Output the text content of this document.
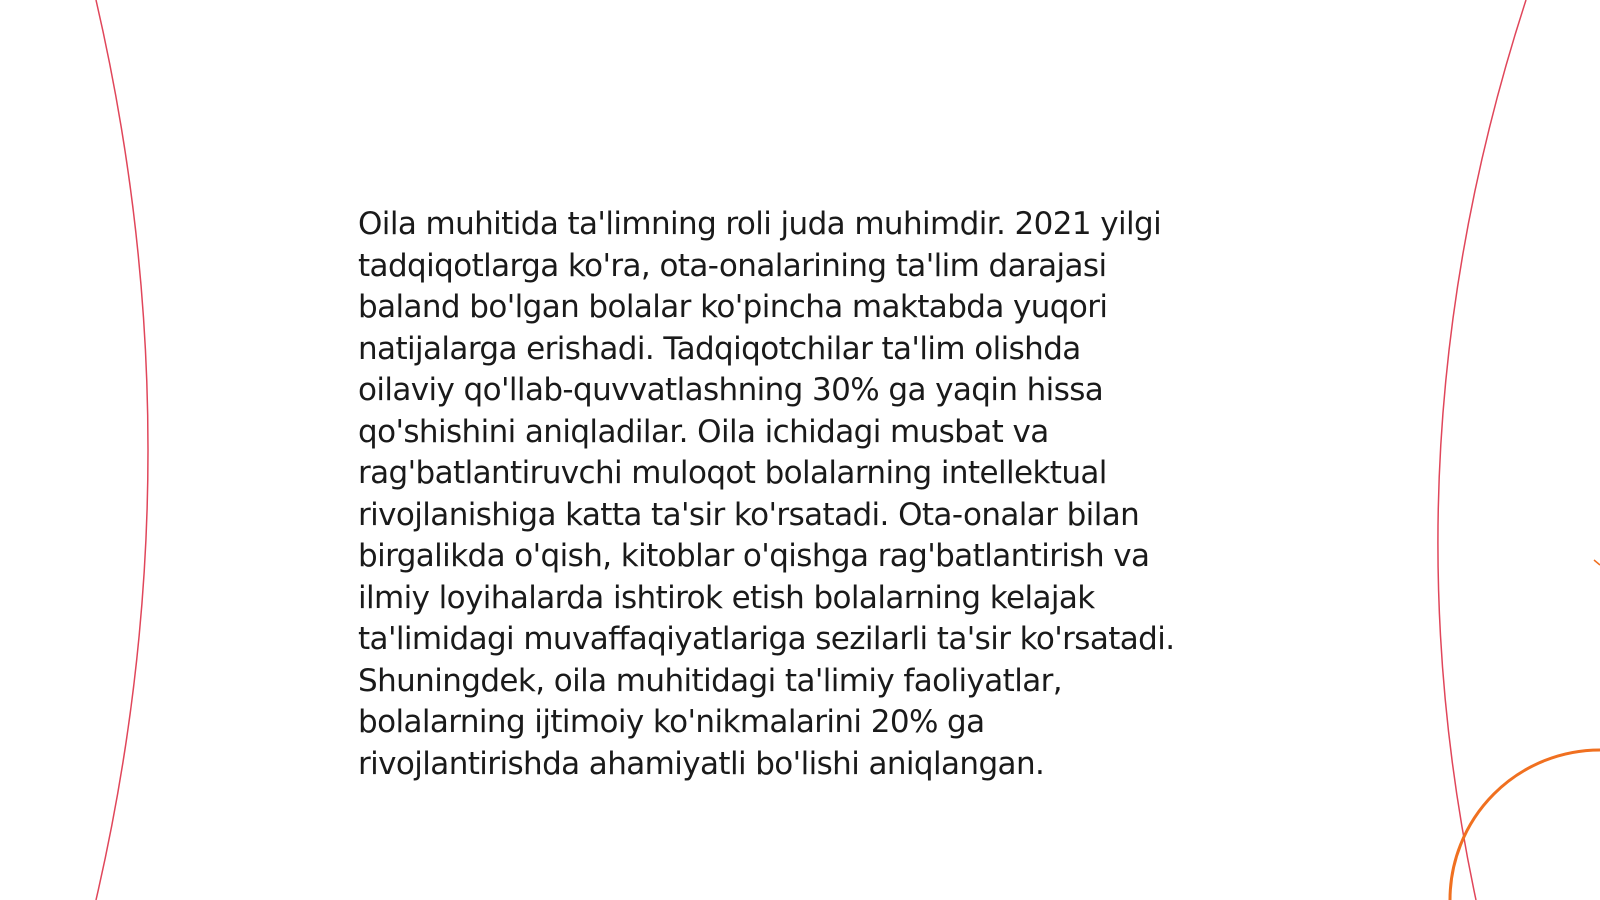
Oila muhitida ta'limning roli juda muhimdir. 2021 yilgi
tadqiqotlarga ko'ra, ota-onalarining ta'lim darajasi
baland bo'lgan bolalar ko'pincha maktabda yuqori
natijalarga erishadi. Tadqiqotchilar ta'lim olishda
oilaviy qo'llab-quvvatlashning 30% ga yaqin hissa
qo'shishini aniqladilar. Oila ichidagi musbat va
rag'batlantiruvchi muloqot bolalarning intellektual
rivojlanishiga katta ta'sir ko'rsatadi. Ota-onalar bilan
birgalikda o'qish, kitoblar o'qishga rag'batlantirish va
ilmiy loyihalarda ishtirok etish bolalarning kelajak
ta'limidagi muvaffaqiyatlariga sezilarli ta'sir ko'rsatadi.
Shuningdek, oila muhitidagi ta'limiy faoliyatlar,
bolalarning ijtimoiy ko'nikmalarini 20% ga
rivojlantirishda ahamiyatli bo'lishi aniqlangan.
